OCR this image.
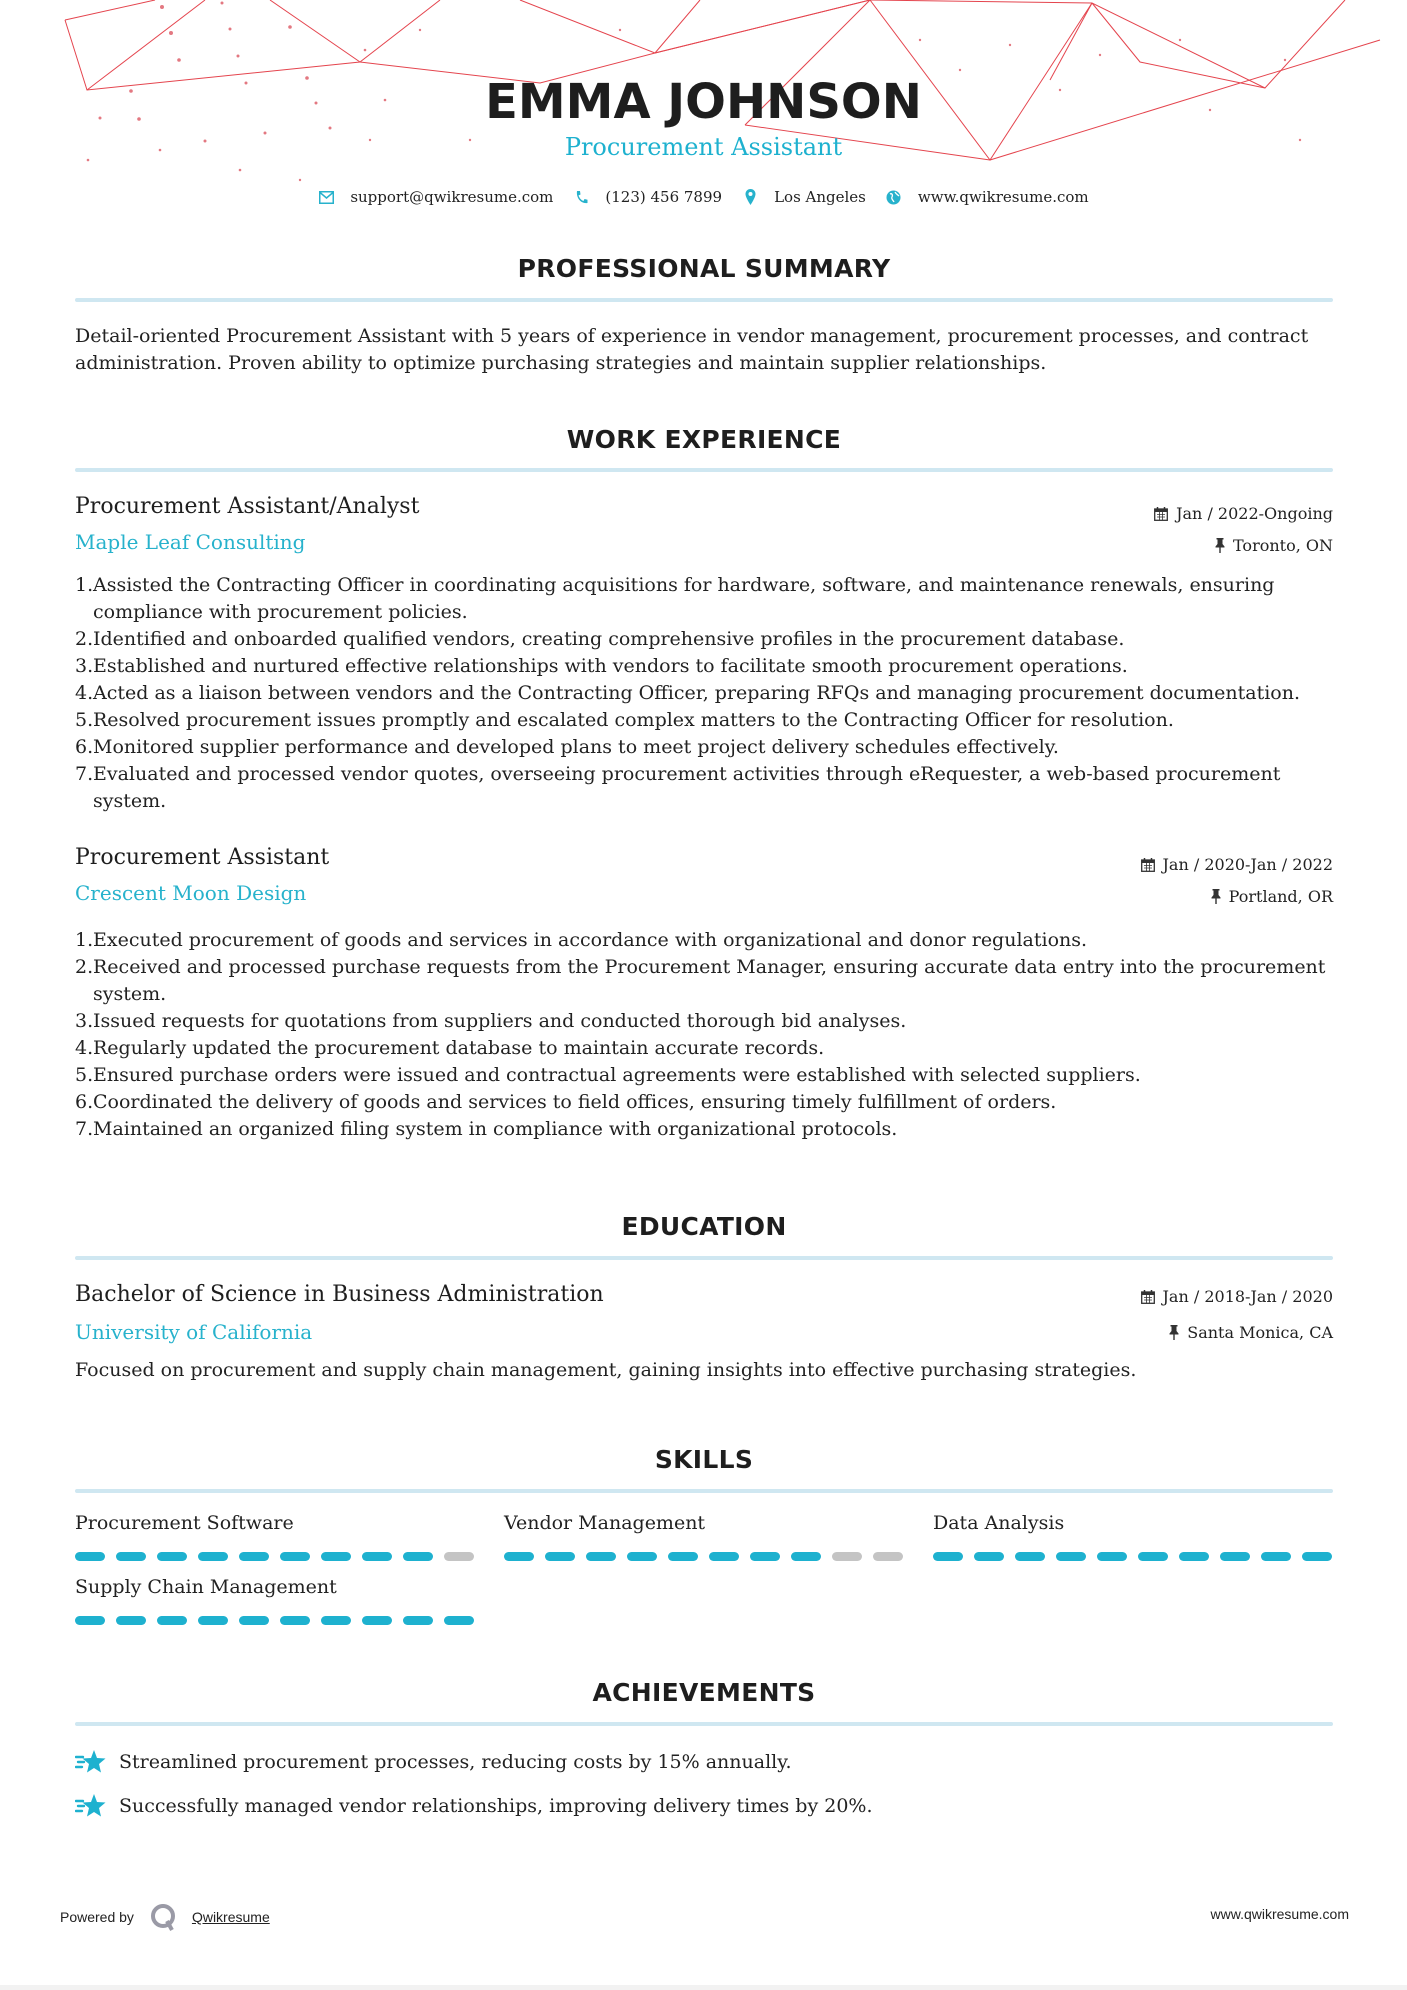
EMMA JOHNSON
Procurement Assistant
support@qwikresume.com	(123) 456 7899	Los Angeles	www.qwikresume.com
PROFESSIONAL SUMMARY
Detail-oriented Procurement Assistant with 5 years of experience in vendor management, procurement processes, and contract administration. Proven ability to optimize purchasing strategies and maintain supplier relationships.
WORK EXPERIENCE
Procurement Assistant/Analyst	Jan / 2022-Ongoing
Maple Leaf Consulting	Toronto, ON
1. Assisted the Contracting Officer in coordinating acquisitions for hardware, software, and maintenance renewals, ensuring compliance with procurement policies.
2. Identified and onboarded qualified vendors, creating comprehensive profiles in the procurement database.
3. Established and nurtured effective relationships with vendors to facilitate smooth procurement operations.
4. Acted as a liaison between vendors and the Contracting Officer, preparing RFQs and managing procurement documentation.
5. Resolved procurement issues promptly and escalated complex matters to the Contracting Officer for resolution.
6. Monitored supplier performance and developed plans to meet project delivery schedules effectively.
7. Evaluated and processed vendor quotes, overseeing procurement activities through eRequester, a web-based procurement system.
Procurement Assistant	Jan / 2020-Jan / 2022
Crescent Moon Design	Portland, OR
1. Executed procurement of goods and services in accordance with organizational and donor regulations.
2. Received and processed purchase requests from the Procurement Manager, ensuring accurate data entry into the procurement system.
3. Issued requests for quotations from suppliers and conducted thorough bid analyses.
4. Regularly updated the procurement database to maintain accurate records.
5. Ensured purchase orders were issued and contractual agreements were established with selected suppliers.
6. Coordinated the delivery of goods and services to field offices, ensuring timely fulfillment of orders.
7. Maintained an organized filing system in compliance with organizational protocols.
EDUCATION
Bachelor of Science in Business Administration	Jan / 2018-Jan / 2020
University of California	Santa Monica, CA
Focused on procurement and supply chain management, gaining insights into effective purchasing strategies.
SKILLS
Procurement Software	Vendor Management	Data Analysis
Supply Chain Management
ACHIEVEMENTS
Streamlined procurement processes, reducing costs by 15% annually.
Successfully managed vendor relationships, improving delivery times by 20%.
Powered by	Qwikresume	www.qwikresume.com
